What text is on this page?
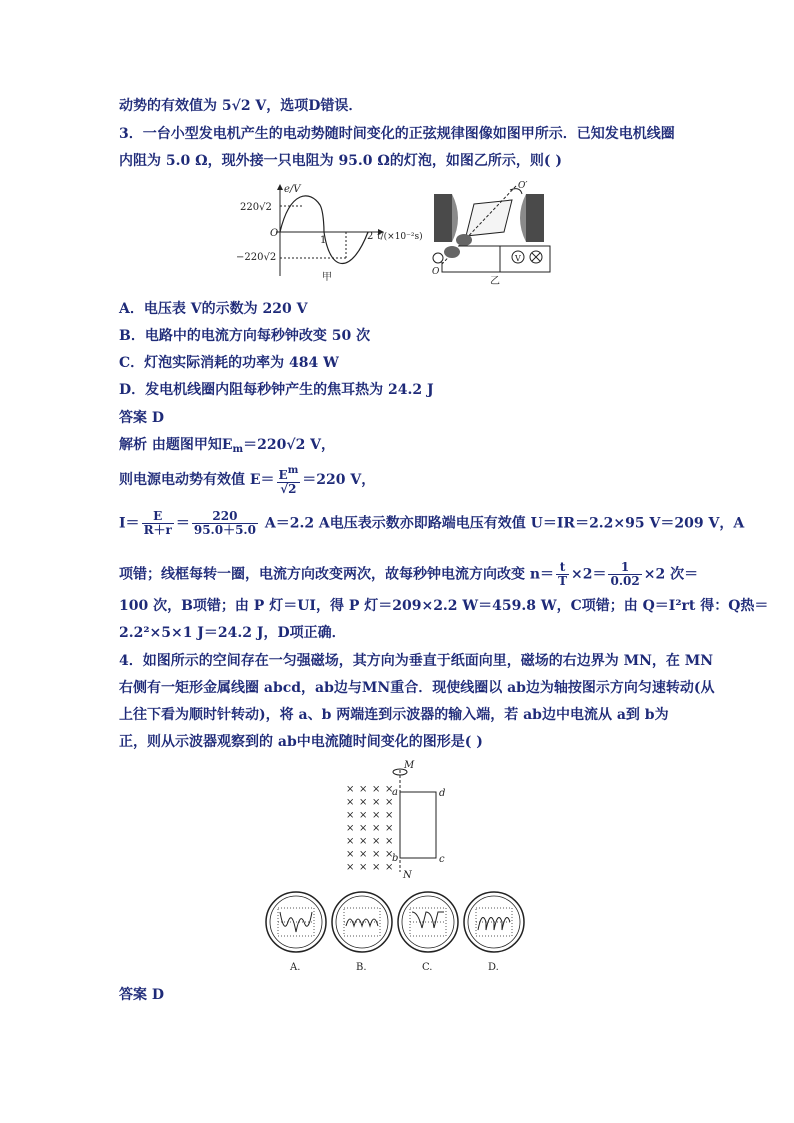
动势的有效值为 5√2 V，选项D错误．
3．一台小型发电机产生的电动势随时间变化的正弦规律图像如图甲所示．已知发电机线圈
内阻为 5.0 Ω，现外接一只电阻为 95.0 Ω的灯泡，如图乙所示，则( )
e/V
220√2
−220√2
O
1	2 t/(×10⁻²s)
甲
V
O′
O
乙
A．电压表 V的示数为 220 V
B．电路中的电流方向每秒钟改变 50 次
C．灯泡实际消耗的功率为 484 W
D．发电机线圈内阻每秒钟产生的焦耳热为 24.2 J
答案 D
解析 由题图甲知$E_m=220√2$ V，
则电源电动势有效值 $E= \frac{E^m}{√2} =220$ V，
$I= \frac{E}{R+r} = \frac{220}{95.0+5.0} A=2.2$ A电压表示数亦即路端电压有效值 U＝IR＝2.2×95 V＝209 V，A
项错；线框每转一圈，电流方向改变两次，故每秒钟电流方向改变 $n= \frac{t}{T} \times 2= \frac{1}{0.02} \times 2$ 次＝
100 次，B项错；由 P 灯＝UI，得 P 灯＝209×2.2 W＝459.8 W，C项错；由 Q＝I²rt 得：Q热＝
2.2²×5×1 J＝24.2 J，D项正确．
4．如图所示的空间存在一匀强磁场，其方向为垂直于纸面向里，磁场的右边界为 MN，在 MN
右侧有一矩形金属线圈 abcd，ab边与MN重合．现使线圈以 ab边为轴按图示方向匀速转动(从
上往下看为顺时针转动)，将 a、b 两端连到示波器的输入端，若 ab边中电流从 a到 b为
正，则从示波器观察到的 ab中电流随时间变化的图形是( )
× × × ×
× × × ×
× × × ×
× × × ×
× × × ×
× × × ×
× × × ×
M
N
a
b	c
d
A.	B.	C.	D.
答案 D
